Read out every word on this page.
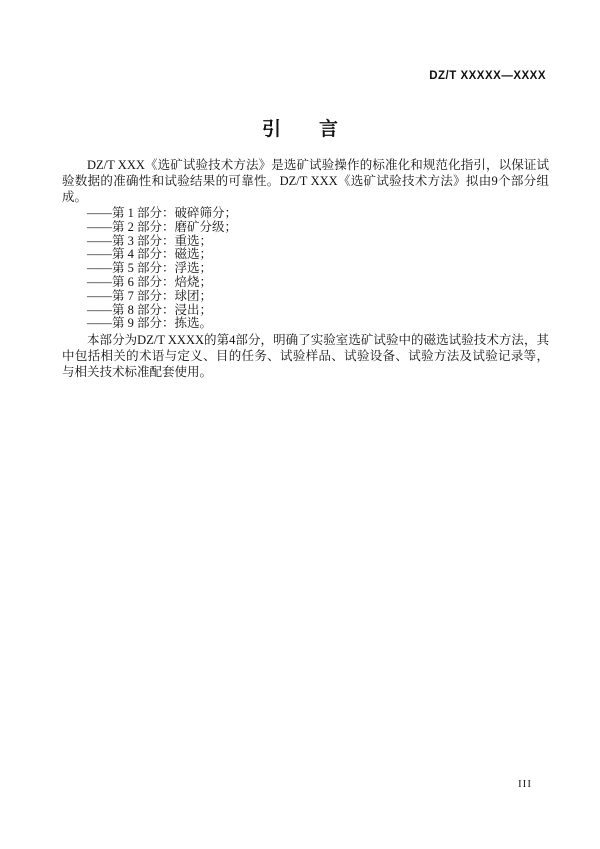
DZ/T XXXXX—XXXX
引　　言

DZ/T XXX《选矿试验技术方法》是选矿试验操作的标准化和规范化指引，以保证试验数据的准确性和试验结果的可靠性。DZ/T XXX《选矿试验技术方法》拟由9个部分组成。

——第 1 部分：破碎筛分；
——第 2 部分：磨矿分级；
——第 3 部分：重选；
——第 4 部分：磁选；
——第 5 部分：浮选；
——第 6 部分：焙烧；
——第 7 部分：球团；
——第 8 部分：浸出；
——第 9 部分：拣选。

本部分为DZ/T XXXX的第4部分，明确了实验室选矿试验中的磁选试验技术方法，其中包括相关的术语与定义、目的任务、试验样品、试验设备、试验方法及试验记录等，与相关技术标准配套使用。

III
